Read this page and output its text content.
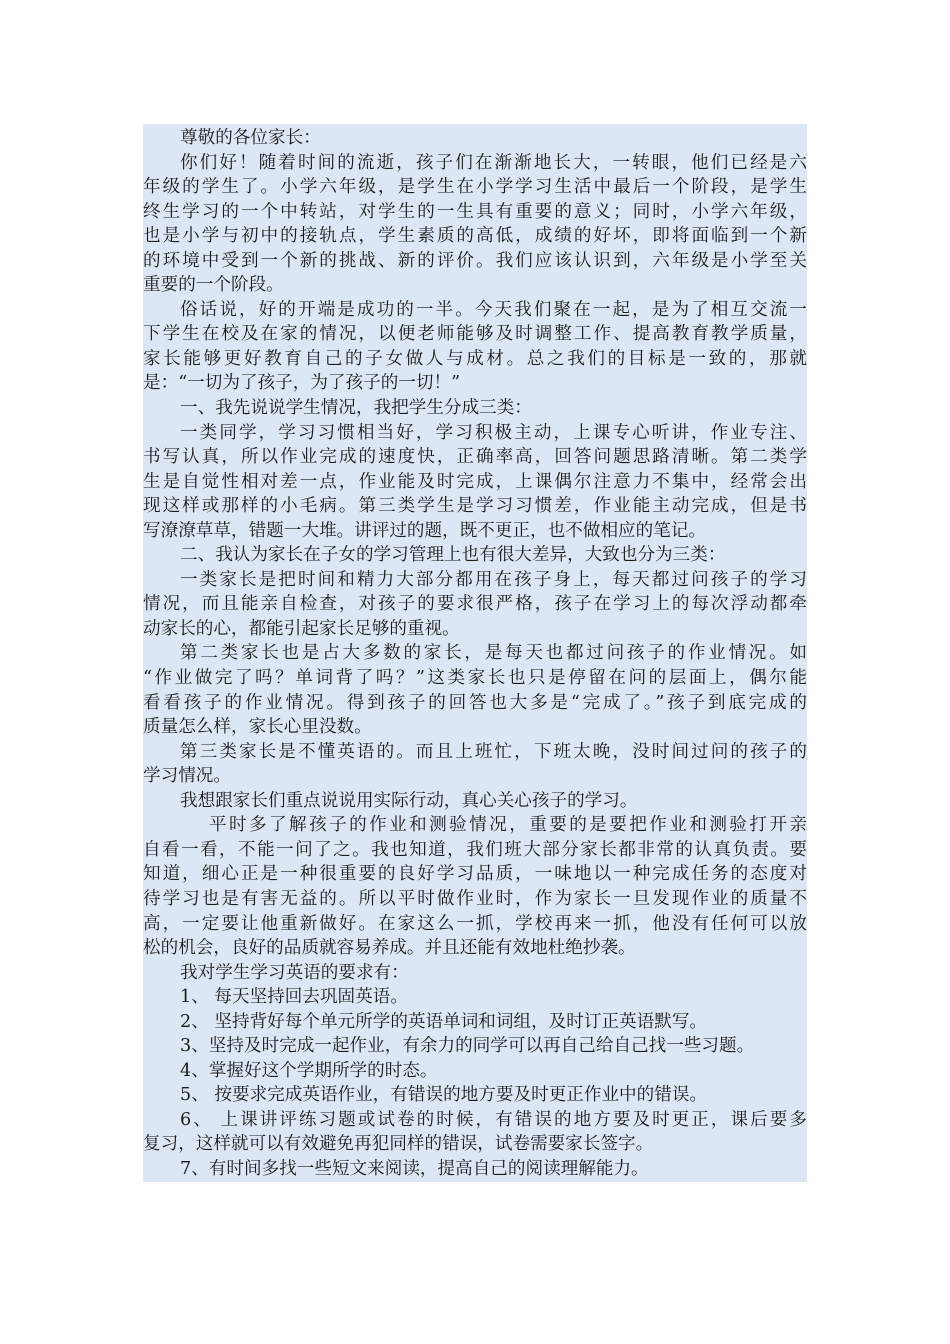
尊敬的各位家长：
你们好！随着时间的流逝，孩子们在渐渐地长大，一转眼，他们已经是六
年级的学生了。小学六年级，是学生在小学学习生活中最后一个阶段，是学生
终生学习的一个中转站，对学生的一生具有重要的意义；同时，小学六年级，
也是小学与初中的接轨点，学生素质的高低，成绩的好坏，即将面临到一个新
的环境中受到一个新的挑战、新的评价。我们应该认识到，六年级是小学至关
重要的一个阶段。
俗话说，好的开端是成功的一半。今天我们聚在一起，是为了相互交流一
下学生在校及在家的情况，以便老师能够及时调整工作、提高教育教学质量，
家长能够更好教育自己的子女做人与成材。总之我们的目标是一致的，那就
是：“一切为了孩子，为了孩子的一切！”
一、我先说说学生情况，我把学生分成三类：
一类同学，学习习惯相当好，学习积极主动，上课专心听讲，作业专注、
书写认真，所以作业完成的速度快，正确率高，回答问题思路清晰。第二类学
生是自觉性相对差一点，作业能及时完成，上课偶尔注意力不集中，经常会出
现这样或那样的小毛病。第三类学生是学习习惯差，作业能主动完成，但是书
写潦潦草草，错题一大堆。讲评过的题，既不更正，也不做相应的笔记。
二、我认为家长在子女的学习管理上也有很大差异，大致也分为三类：
一类家长是把时间和精力大部分都用在孩子身上，每天都过问孩子的学习
情况，而且能亲自检查，对孩子的要求很严格，孩子在学习上的每次浮动都牵
动家长的心，都能引起家长足够的重视。
第二类家长也是占大多数的家长，是每天也都过问孩子的作业情况。如
“作业做完了吗？单词背了吗？”这类家长也只是停留在问的层面上，偶尔能
看看孩子的作业情况。得到孩子的回答也大多是“完成了。”孩子到底完成的
质量怎么样，家长心里没数。
第三类家长是不懂英语的。而且上班忙，下班太晚，没时间过问的孩子的
学习情况。
我想跟家长们重点说说用实际行动，真心关心孩子的学习。
平时多了解孩子的作业和测验情况，重要的是要把作业和测验打开亲
自看一看，不能一问了之。我也知道，我们班大部分家长都非常的认真负责。要
知道，细心正是一种很重要的良好学习品质，一味地以一种完成任务的态度对
待学习也是有害无益的。所以平时做作业时，作为家长一旦发现作业的质量不
高，一定要让他重新做好。在家这么一抓，学校再来一抓，他没有任何可以放
松的机会，良好的品质就容易养成。并且还能有效地杜绝抄袭。
我对学生学习英语的要求有：
1、 每天坚持回去巩固英语。
2、 坚持背好每个单元所学的英语单词和词组，及时订正英语默写。
3、坚持及时完成一起作业，有余力的同学可以再自己给自己找一些习题。
4、掌握好这个学期所学的时态。
5、 按要求完成英语作业，有错误的地方要及时更正作业中的错误。
6、 上课讲评练习题或试卷的时候，有错误的地方要及时更正，课后要多
复习，这样就可以有效避免再犯同样的错误，试卷需要家长签字。
7、有时间多找一些短文来阅读，提高自己的阅读理解能力。
